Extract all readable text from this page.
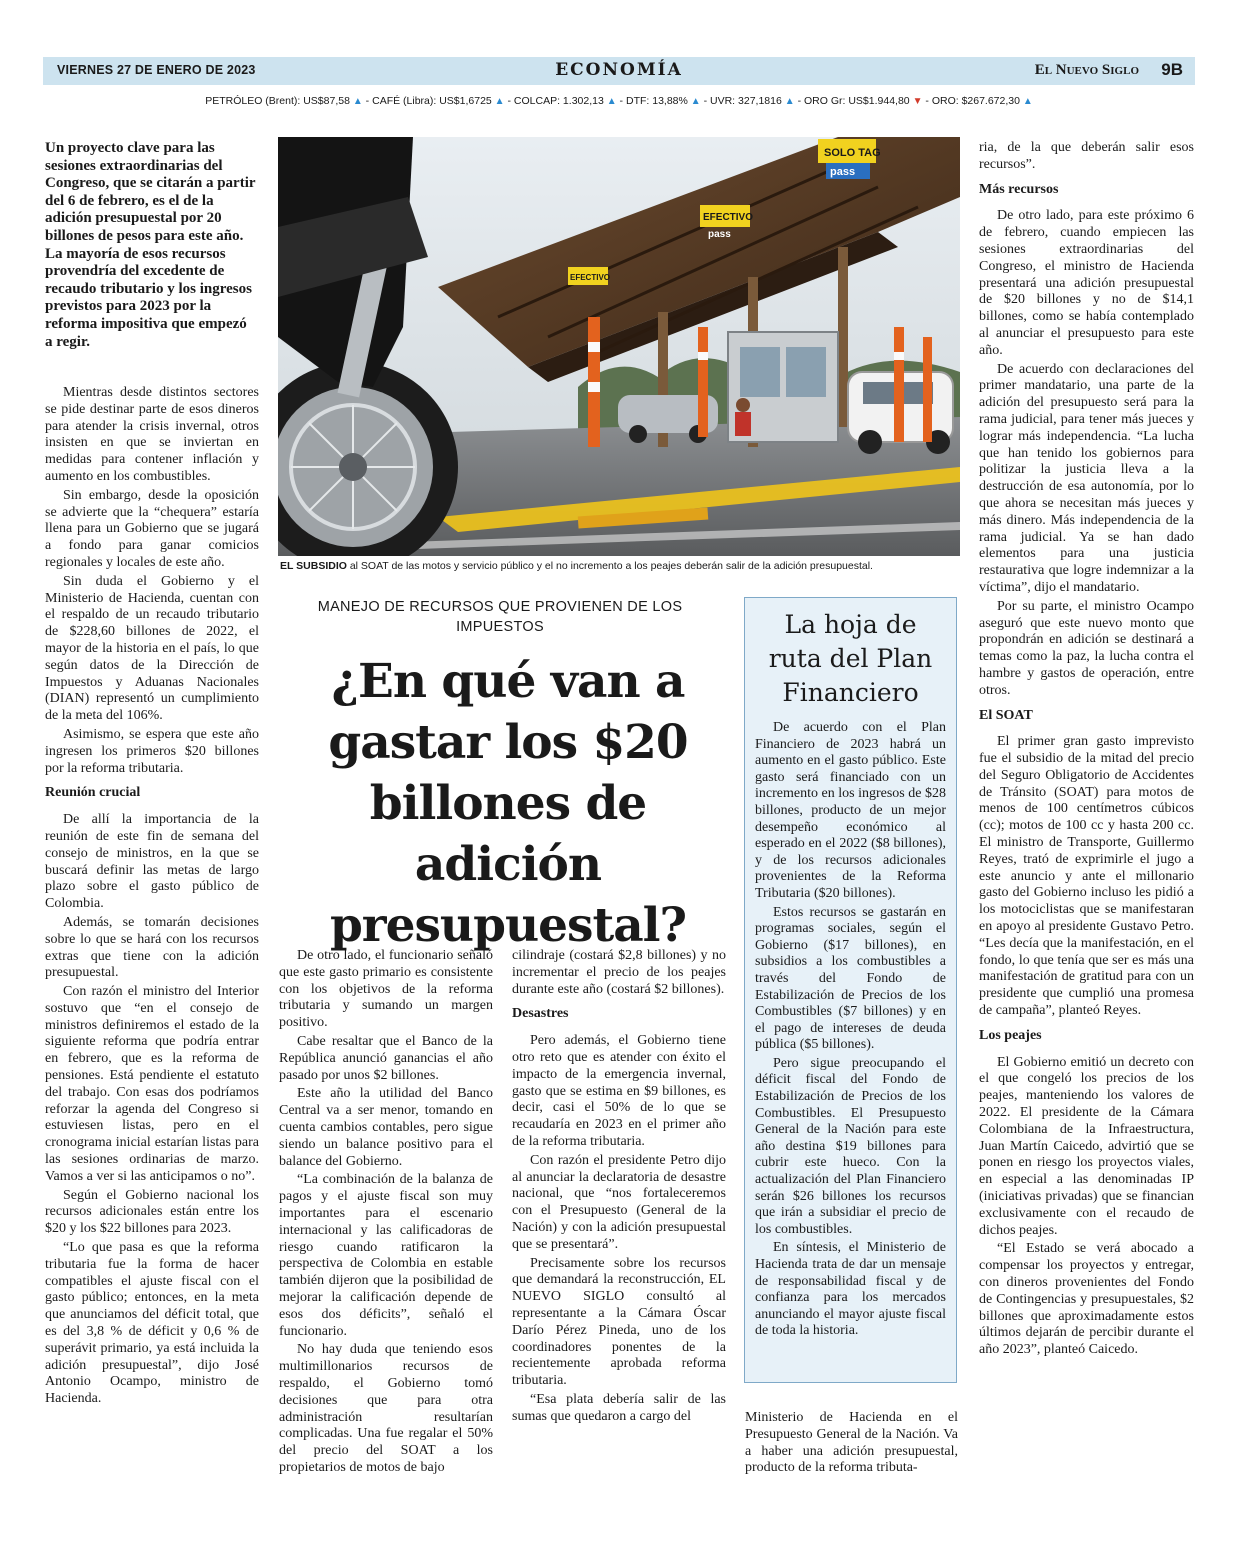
VIERNES 27 DE ENERO DE 2023	ECONOMÍA	El Nuevo Siglo 9B
PETRÓLEO (Brent): US$87,58 ▲ - CAFÉ (Libra): US$1,6725 ▲ - COLCAP: 1.302,13 ▲ - DTF: 13,88% ▲ - UVR: 327,1816 ▲ - ORO Gr: US$1.944,80 ▼ - ORO: $267.672,30 ▲
Un proyecto clave para las sesiones extraordinarias del Congreso, que se citarán a partir del 6 de febrero, es el de la adición presupuestal por 20 billones de pesos para este año. La mayoría de esos recursos provendría del excedente de recaudo tributario y los ingresos previstos para 2023 por la reforma impositiva que empezó a regir.

Mientras desde distintos sectores se pide destinar parte de esos dineros para atender la crisis invernal, otros insisten en que se inviertan en medidas para contener inflación y aumento en los combustibles.

Sin embargo, desde la oposición se advierte que la “chequera” estaría llena para un Gobierno que se jugará a fondo para ganar comicios regionales y locales de este año.

Sin duda el Gobierno y el Ministerio de Hacienda, cuentan con el respaldo de un recaudo tributario de $228,60 billones de 2022, el mayor de la historia en el país, lo que según datos de la Dirección de Impuestos y Aduanas Nacionales (DIAN) representó un cumplimiento de la meta del 106%.

Asimismo, se espera que este año ingresen los primeros $20 billones por la reforma tributaria.

Reunión crucial

De allí la importancia de la reunión de este fin de semana del consejo de ministros, en la que se buscará definir las metas de largo plazo sobre el gasto público de Colombia.

Además, se tomarán decisiones sobre lo que se hará con los recursos extras que tiene con la adición presupuestal.

Con razón el ministro del Interior sostuvo que “en el consejo de ministros definiremos el estado de la siguiente reforma que podría entrar en febrero, que es la reforma de pensiones. Está pendiente el estatuto del trabajo. Con esas dos podríamos reforzar la agenda del Congreso si estuviesen listas, pero en el cronograma inicial estarían listas para las sesiones ordinarias de marzo. Vamos a ver si las anticipamos o no”.

Según el Gobierno nacional los recursos adicionales están entre los $20 y los $22 billones para 2023.

“Lo que pasa es que la reforma tributaria fue la forma de hacer compatibles el ajuste fiscal con el gasto público; entonces, en la meta que anunciamos del déficit total, que es del 3,8 % de déficit y 0,6 % de superávit primario, ya está incluida la adición presupuestal”, dijo José Antonio Ocampo, ministro de Hacienda.

SOLO TAG
pass
EFECTIVO
pass
EFECTIVO
EL SUBSIDIO al SOAT de las motos y servicio público y el no incremento a los peajes deberán salir de la adición presupuestal.
MANEJO DE RECURSOS QUE PROVIENEN DE LOS IMPUESTOS
¿En qué van a gastar los $20 billones de adición presupuestal?

De otro lado, el funcionario señaló que este gasto primario es consistente con los objetivos de la reforma tributaria y sumando un margen positivo.

Cabe resaltar que el Banco de la República anunció ganancias el año pasado por unos $2 billones.

Este año la utilidad del Banco Central va a ser menor, tomando en cuenta cambios contables, pero sigue siendo un balance positivo para el balance del Gobierno.

“La combinación de la balanza de pagos y el ajuste fiscal son muy importantes para el escenario internacional y las calificadoras de riesgo cuando ratificaron la perspectiva de Colombia en estable también dijeron que la posibilidad de mejorar la calificación depende de esos dos déficits”, señaló el funcionario.

No hay duda que teniendo esos multimillonarios recursos de respaldo, el Gobierno tomó decisiones que para otra administración resultarían complicadas. Una fue regalar el 50% del precio del SOAT a los propietarios de motos de bajo

cilindraje (costará $2,8 billones) y no incrementar el precio de los peajes durante este año (costará $2 billones).

Desastres

Pero además, el Gobierno tiene otro reto que es atender con éxito el impacto de la emergencia invernal, gasto que se estima en $9 billones, es decir, casi el 50% de lo que se recaudaría en 2023 en el primer año de la reforma tributaria.

Con razón el presidente Petro dijo al anunciar la declaratoria de desastre nacional, que “nos fortaleceremos con el Presupuesto (General de la Nación) y con la adición presupuestal que se presentará”.

Precisamente sobre los recursos que demandará la reconstrucción, EL NUEVO SIGLO consultó al representante a la Cámara Óscar Darío Pérez Pineda, uno de los coordinadores ponentes de la recientemente aprobada reforma tributaria.

“Esa plata debería salir de las sumas que quedaron a cargo del

La hoja de ruta del Plan Financiero

De acuerdo con el Plan Financiero de 2023 habrá un aumento en el gasto público. Este gasto será financiado con un incremento en los ingresos de $28 billones, producto de un mejor desempeño económico al esperado en el 2022 ($8 billones), y de los recursos adicionales provenientes de la Reforma Tributaria ($20 billones).

Estos recursos se gastarán en programas sociales, según el Gobierno ($17 billones), en subsidios a los combustibles a través del Fondo de Estabilización de Precios de los Combustibles ($7 billones) y en el pago de intereses de deuda pública ($5 billones).

Pero sigue preocupando el déficit fiscal del Fondo de Estabilización de Precios de los Combustibles. El Presupuesto General de la Nación para este año destina $19 billones para cubrir este hueco. Con la actualización del Plan Financiero serán $26 billones los recursos que irán a subsidiar el precio de los combustibles.

En síntesis, el Ministerio de Hacienda trata de dar un mensaje de responsabilidad fiscal y de confianza para los mercados anunciando el mayor ajuste fiscal de toda la historia.

Ministerio de Hacienda en el Presupuesto General de la Nación. Va a haber una adición presupuestal, producto de la reforma tributa-

ria, de la que deberán salir esos recursos”.

Más recursos

De otro lado, para este próximo 6 de febrero, cuando empiecen las sesiones extraordinarias del Congreso, el ministro de Hacienda presentará una adición presupuestal de $20 billones y no de $14,1 billones, como se había contemplado al anunciar el presupuesto para este año.

De acuerdo con declaraciones del primer mandatario, una parte de la adición del presupuesto será para la rama judicial, para tener más jueces y lograr más independencia. “La lucha que han tenido los gobiernos para politizar la justicia lleva a la destrucción de esa autonomía, por lo que ahora se necesitan más jueces y más dinero. Más independencia de la rama judicial. Ya se han dado elementos para una justicia restaurativa que logre indemnizar a la víctima”, dijo el mandatario.

Por su parte, el ministro Ocampo aseguró que este nuevo monto que propondrán en adición se destinará a temas como la paz, la lucha contra el hambre y gastos de operación, entre otros.

El SOAT

El primer gran gasto imprevisto fue el subsidio de la mitad del precio del Seguro Obligatorio de Accidentes de Tránsito (SOAT) para motos de menos de 100 centímetros cúbicos (cc); motos de 100 cc y hasta 200 cc. El ministro de Transporte, Guillermo Reyes, trató de exprimirle el jugo a este anuncio y ante el millonario gasto del Gobierno incluso les pidió a los motociclistas que se manifestaran en apoyo al presidente Gustavo Petro. “Les decía que la manifestación, en el fondo, lo que tenía que ser es más una manifestación de gratitud para con un presidente que cumplió una promesa de campaña”, planteó Reyes.

Los peajes

El Gobierno emitió un decreto con el que congeló los precios de los peajes, manteniendo los valores de 2022. El presidente de la Cámara Colombiana de la Infraestructura, Juan Martín Caicedo, advirtió que se ponen en riesgo los proyectos viales, en especial a las denominadas IP (iniciativas privadas) que se financian exclusivamente con el recaudo de dichos peajes.

“El Estado se verá abocado a compensar los proyectos y entregar, con dineros provenientes del Fondo de Contingencias y presupuestales, $2 billones que aproximadamente estos últimos dejarán de percibir durante el año 2023”, planteó Caicedo.
